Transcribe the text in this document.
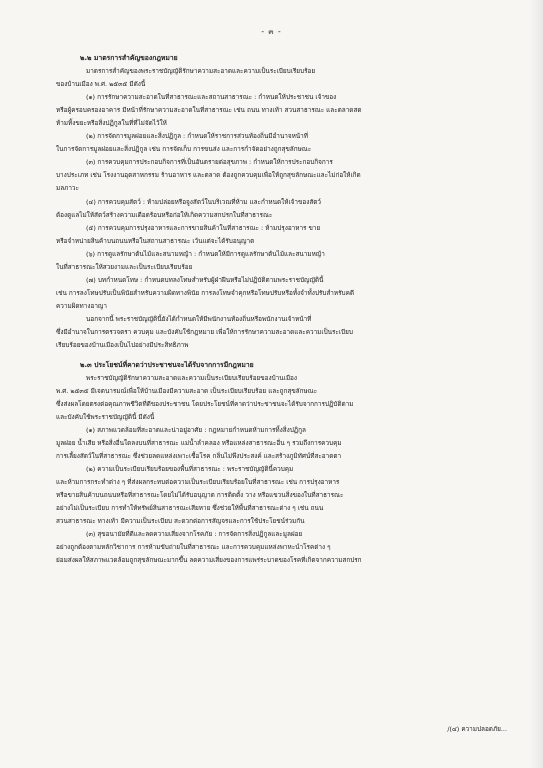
- ๓ -
๒.๒ มาตรการสำคัญของกฎหมาย
มาตรการสำคัญของพระราชบัญญัติรักษาความสะอาดและความเป็นระเบียบเรียบร้อย
ของบ้านเมือง พ.ศ. ๒๕๓๕ มีดังนี้
(๑) การรักษาความสะอาดในที่สาธารณะและสถานสาธารณะ : กำหนดให้ประชาชน เจ้าของ
หรือผู้ครอบครองอาคาร มีหน้าที่รักษาความสะอาดในที่สาธารณะ เช่น ถนน ทางเท้า สวนสาธารณะ และตลาดสด
ห้ามทิ้งขยะหรือสิ่งปฏิกูลในที่ที่ไม่จัดไว้ให้
(๒) การจัดการมูลฝอยและสิ่งปฏิกูล : กำหนดให้ราชการส่วนท้องถิ่นมีอำนาจหน้าที่
ในการจัดการมูลฝอยและสิ่งปฏิกูล เช่น การจัดเก็บ การขนส่ง และการกำจัดอย่างถูกสุขลักษณะ
(๓) การควบคุมการประกอบกิจการที่เป็นอันตรายต่อสุขภาพ : กำหนดให้การประกอบกิจการ
บางประเภท เช่น โรงงานอุตสาหกรรม ร้านอาหาร และตลาด ต้องถูกควบคุมเพื่อให้ถูกสุขลักษณะและไม่ก่อให้เกิด
มลภาวะ
(๔) การควบคุมสัตว์ : ห้ามปล่อยหรือจูงสัตว์ในบริเวณที่ห้าม และกำหนดให้เจ้าของสัตว์
ต้องดูแลไม่ให้สัตว์สร้างความเดือดร้อนหรือก่อให้เกิดความสกปรกในที่สาธารณะ
(๕) การควบคุมการปรุงอาหารและการขายสินค้าในที่สาธารณะ : ห้ามปรุงอาหาร ขาย
หรือจำหน่ายสินค้าบนถนนหรือในสถานสาธารณะ เว้นแต่จะได้รับอนุญาต
(๖) การดูแลรักษาต้นไม้และสนามหญ้า : กำหนดให้มีการดูแลรักษาต้นไม้และสนามหญ้า
ในที่สาธารณะให้สวยงามและเป็นระเบียบเรียบร้อย
(๗) บทกำหนดโทษ : กำหนดบทลงโทษสำหรับผู้ฝ่าฝืนหรือไม่ปฏิบัติตามพระราชบัญญัตินี้
เช่น การลงโทษปรับเป็นพินัยสำหรับความผิดทางพินัย การลงโทษจำคุกหรือโทษปรับหรือทั้งจำทั้งปรับสำหรับคดี
ความผิดทางอาญา
นอกจากนี้ พระราชบัญญัตินี้ยังได้กำหนดให้มีพนักงานท้องถิ่นหรือพนักงานเจ้าหน้าที่
ซึ่งมีอำนาจในการตรวจตรา ควบคุม และบังคับใช้กฎหมาย เพื่อให้การรักษาความสะอาดและความเป็นระเบียบ
เรียบร้อยของบ้านเมืองเป็นไปอย่างมีประสิทธิภาพ
๒.๓ ประโยชน์ที่คาดว่าประชาชนจะได้รับจากการมีกฎหมาย
พระราชบัญญัติรักษาความสะอาดและความเป็นระเบียบเรียบร้อยของบ้านเมือง
พ.ศ. ๒๕๓๕ มีเจตนารมณ์เพื่อให้บ้านเมืองมีความสะอาด เป็นระเบียบเรียบร้อย และถูกสุขลักษณะ
ซึ่งส่งผลโดยตรงต่อคุณภาพชีวิตที่ดีของประชาชน โดยประโยชน์ที่คาดว่าประชาชนจะได้รับจากการปฏิบัติตาม
และบังคับใช้พระราชบัญญัตินี้ มีดังนี้
(๑) สภาพแวดล้อมที่สะอาดและน่าอยู่อาศัย : กฎหมายกำหนดห้ามการทิ้งสิ่งปฏิกูล
มูลฝอย น้ำเสีย หรือสิ่งอื่นใดลงบนที่สาธารณะ แม่น้ำลำคลอง หรือแหล่งสาธารณะอื่น ๆ รวมถึงการควบคุม
การเลี้ยงสัตว์ในที่สาธารณะ ซึ่งช่วยลดแหล่งเพาะเชื้อโรค กลิ่นไม่พึงประสงค์ และสร้างภูมิทัศน์ที่สะอาดตา
(๒) ความเป็นระเบียบเรียบร้อยของพื้นที่สาธารณะ : พระราชบัญญัตินี้ควบคุม
และห้ามการกระทำต่าง ๆ ที่ส่งผลกระทบต่อความเป็นระเบียบเรียบร้อยในที่สาธารณะ เช่น การปรุงอาหาร
หรือขายสินค้าบนถนนหรือที่สาธารณะโดยไม่ได้รับอนุญาต การติดตั้ง วาง หรือแขวนสิ่งของในที่สาธารณะ
อย่างไม่เป็นระเบียบ การทำให้ทรัพย์สินสาธารณะเสียหาย ซึ่งช่วยให้พื้นที่สาธารณะต่าง ๆ เช่น ถนน
สวนสาธารณะ ทางเท้า มีความเป็นระเบียบ สะดวกต่อการสัญจรและการใช้ประโยชน์ร่วมกัน
(๓) สุขอนามัยที่ดีและลดความเสี่ยงจากโรคภัย : การจัดการสิ่งปฏิกูลและมูลฝอย
อย่างถูกต้องตามหลักวิชาการ การห้ามขับถ่ายในที่สาธารณะ และการควบคุมแหล่งพาหะนำโรคต่าง ๆ
ย่อมส่งผลให้สภาพแวดล้อมถูกสุขลักษณะมากขึ้น ลดความเสี่ยงของการแพร่ระบาดของโรคที่เกิดจากความสกปรก
/(๔) ความปลอดภัย...
